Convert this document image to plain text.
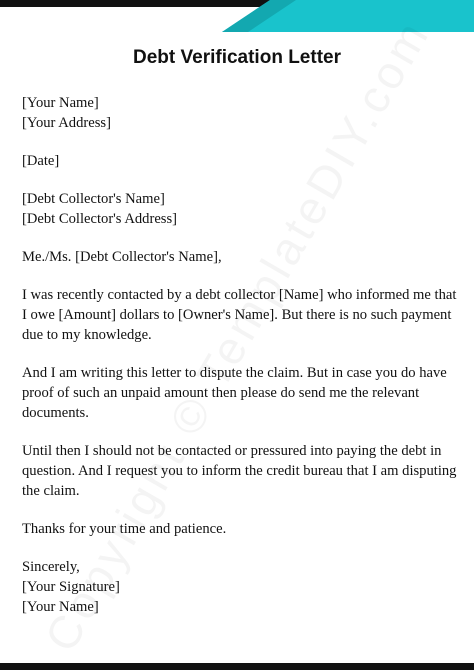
Debt Verification Letter

[Your Name]
[Your Address]

[Date]

[Debt Collector's Name]
[Debt Collector's Address]

Me./Ms. [Debt Collector's Name],

I was recently contacted by a debt collector [Name] who informed me that
I owe [Amount] dollars to [Owner's Name]. But there is no such payment
due to my knowledge.

And I am writing this letter to dispute the claim. But in case you do have
proof of such an unpaid amount then please do send me the relevant
documents.

Until then I should not be contacted or pressured into paying the debt in
question. And I request you to inform the credit bureau that I am disputing
the claim.

Thanks for your time and patience.

Sincerely,
[Your Signature]
[Your Name]
